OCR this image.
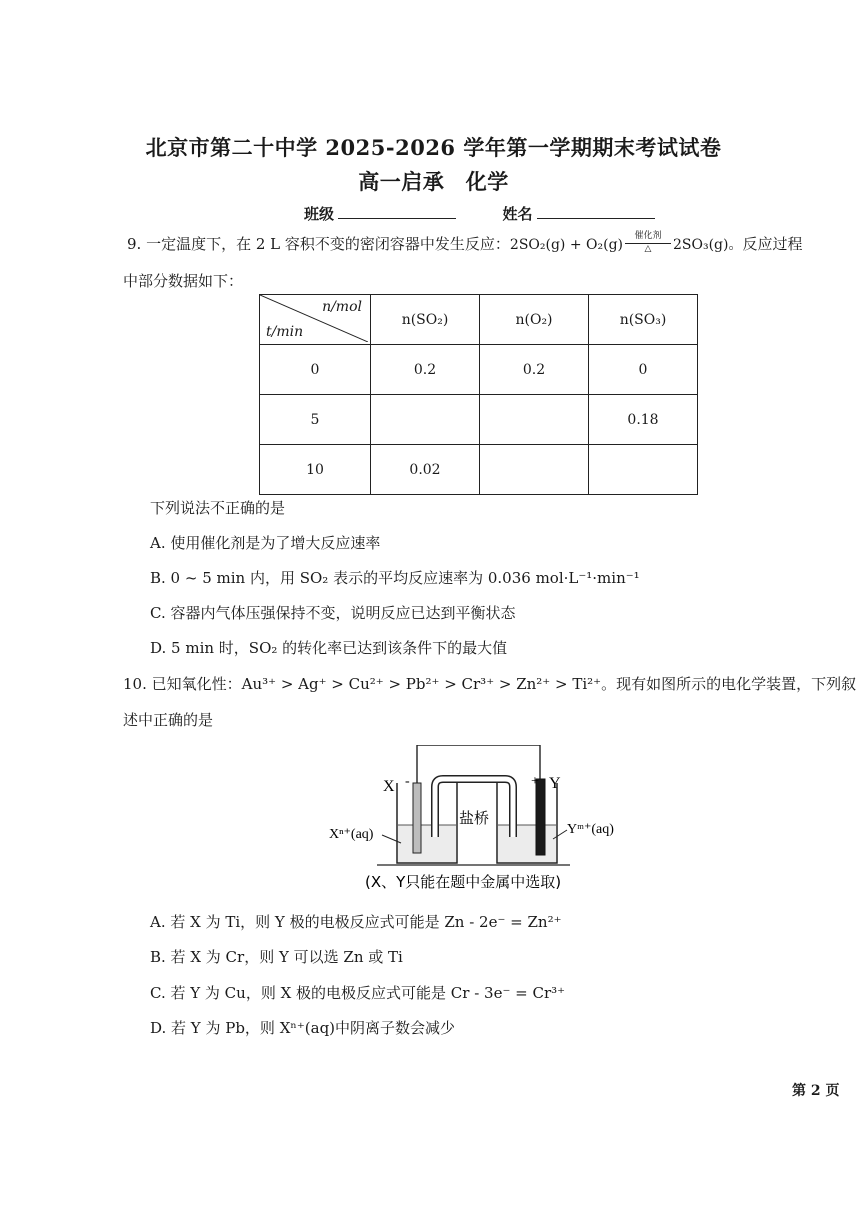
北京市第二十中学 2025-2026 学年第一学期期末考试试卷
高一启承　化学
班级	姓名
9. 一定温度下，在 2 L 容积不变的密闭容器中发生反应：2SO₂(g) + O₂(g)
催化剂
△	2SO₃(g)。反应过程
中部分数据如下：
n/mol
t/min	n(SO₂)	n(O₂)	n(SO₃)
0	0.2	0.2	0
5			0.18
10	0.02		
下列说法不正确的是
A. 使用催化剂是为了增大反应速率
B. 0 ~ 5 min 内，用 SO₂ 表示的平均反应速率为 0.036 mol·L⁻¹·min⁻¹
C. 容器内气体压强保持不变，说明反应已达到平衡状态
D. 5 min 时，SO₂ 的转化率已达到该条件下的最大值
10. 已知氧化性：Au³⁺ > Ag⁺ > Cu²⁺ > Pb²⁺ > Cr³⁺ > Zn²⁺ > Ti²⁺。现有如图所示的电化学装置，下列叙
述中正确的是
X -	+ Y
盐桥
Xⁿ⁺(aq)	Yᵐ⁺(aq)
(X、Y只能在题中金属中选取)
A. 若 X 为 Ti，则 Y 极的电极反应式可能是 Zn - 2e⁻ = Zn²⁺
B. 若 X 为 Cr，则 Y 可以选 Zn 或 Ti
C. 若 Y 为 Cu，则 X 极的电极反应式可能是 Cr - 3e⁻ = Cr³⁺
D. 若 Y 为 Pb，则 Xⁿ⁺(aq)中阴离子数会减少
第 2 页
